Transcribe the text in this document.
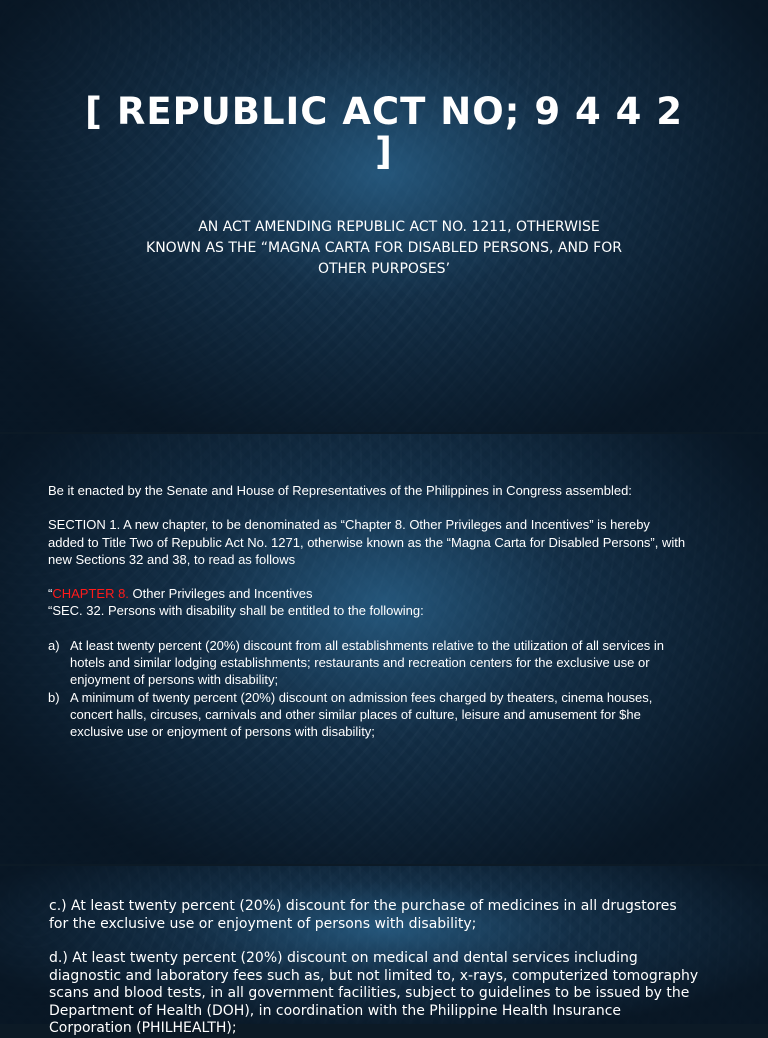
[ REPUBLIC ACT NO; 9 4 4 2 ]
AN ACT AMENDING REPUBLIC ACT NO. 1211, OTHERWISE
KNOWN AS THE “MAGNA CARTA FOR DISABLED PERSONS, AND FOR
OTHER PURPOSES’

Be it enacted by the Senate and House of Representatives of the Philippines in Congress assembled:

SECTION 1. A new chapter, to be denominated as “Chapter 8. Other Privileges and Incentives” is hereby added to Title Two of Republic Act No. 1271, otherwise known as the “Magna Carta for Disabled Persons”, with new Sections 32 and 38, to read as follows

“CHAPTER 8. Other Privileges and Incentives

“SEC. 32. Persons with disability shall be entitled to the following:

a) At least twenty percent (20%) discount from all establishments relative to the utilization of all services in hotels and similar lodging establishments; restaurants and recreation centers for the exclusive use or enjoyment of persons with disability;
b) A minimum of twenty percent (20%) discount on admission fees charged by theaters, cinema houses, concert halls, circuses, carnivals and other similar places of culture, leisure and amusement for $he exclusive use or enjoyment of persons with disability;

c.) At least twenty percent (20%) discount for the purchase of medicines in all drugstores for the exclusive use or enjoyment of persons with disability;

d.) At least twenty percent (20%) discount on medical and dental services including diagnostic and laboratory fees such as, but not limited to, x-rays, computerized tomography scans and blood tests, in all government facilities, subject to guidelines to be issued by the Department of Health (DOH), in coordination with the Philippine Health Insurance Corporation (PHILHEALTH);
